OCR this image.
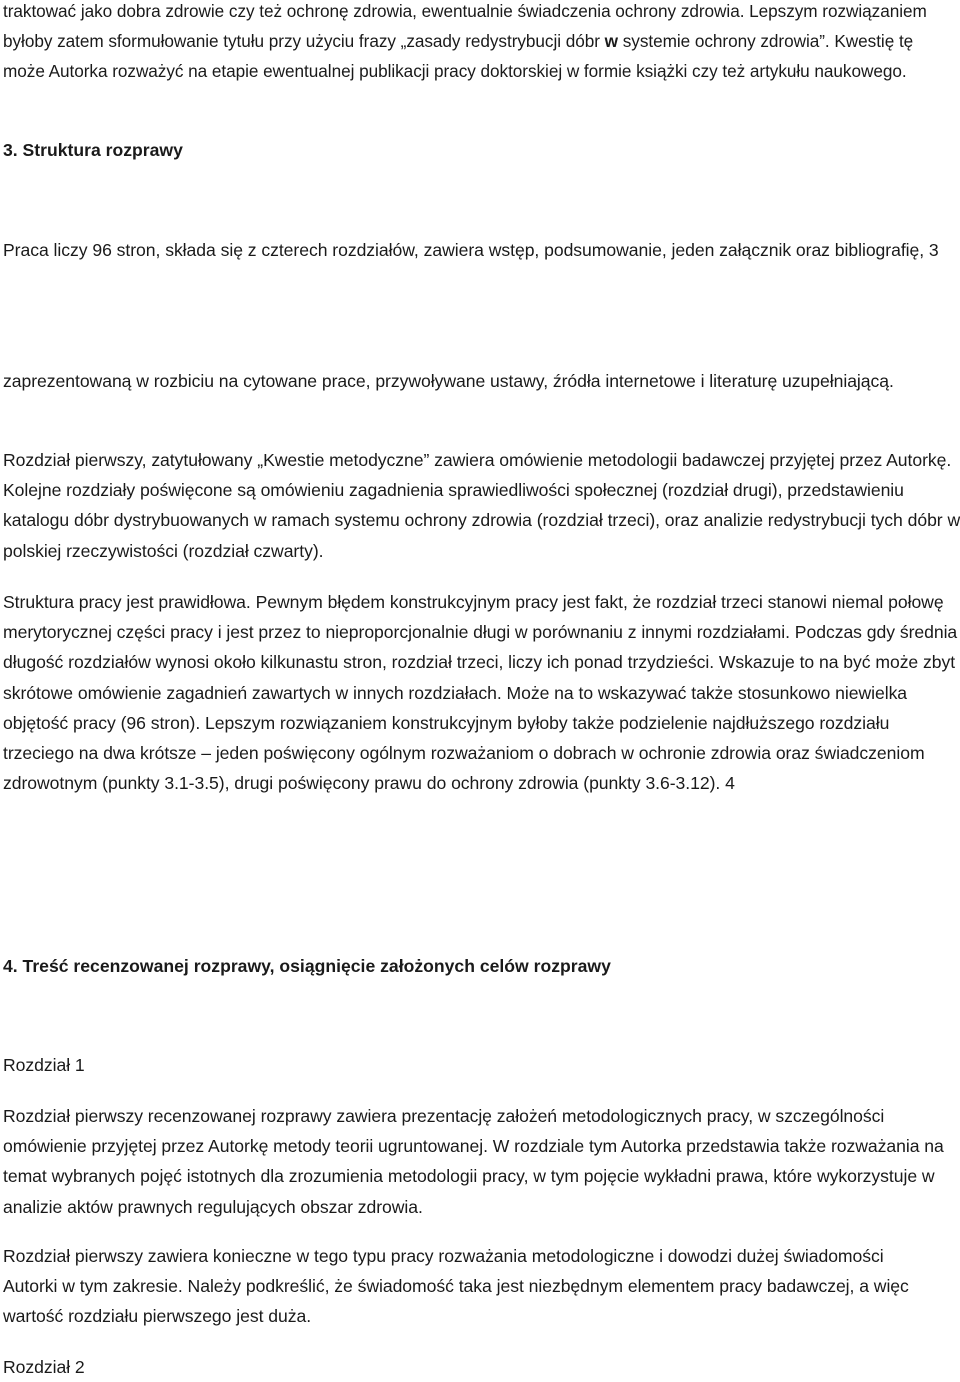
traktować jako dobra zdrowie czy też ochronę zdrowia, ewentualnie świadczenia ochrony zdrowia. Lepszym rozwiązaniem byłoby zatem sformułowanie tytułu przy użyciu frazy „zasady redystrybucji dóbr w systemie ochrony zdrowia”. Kwestię tę może Autorka rozważyć na etapie ewentualnej publikacji pracy doktorskiej w formie książki czy też artykułu naukowego.

3. Struktura rozprawy

Praca liczy 96 stron, składa się z czterech rozdziałów, zawiera wstęp, podsumowanie, jeden załącznik oraz bibliografię, 3

zaprezentowaną w rozbiciu na cytowane prace, przywoływane ustawy, źródła internetowe i literaturę uzupełniającą.

Rozdział pierwszy, zatytułowany „Kwestie metodyczne” zawiera omówienie metodologii badawczej przyjętej przez Autorkę. Kolejne rozdziały poświęcone są omówieniu zagadnienia sprawiedliwości społecznej (rozdział drugi), przedstawieniu katalogu dóbr dystrybuowanych w ramach systemu ochrony zdrowia (rozdział trzeci), oraz analizie redystrybucji tych dóbr w polskiej rzeczywistości (rozdział czwarty).

Struktura pracy jest prawidłowa. Pewnym błędem konstrukcyjnym pracy jest fakt, że rozdział trzeci stanowi niemal połowę merytorycznej części pracy i jest przez to nieproporcjonalnie długi w porównaniu z innymi rozdziałami. Podczas gdy średnia długość rozdziałów wynosi około kilkunastu stron, rozdział trzeci, liczy ich ponad trzydzieści. Wskazuje to na być może zbyt skrótowe omówienie zagadnień zawartych w innych rozdziałach. Może na to wskazywać także stosunkowo niewielka objętość pracy (96 stron). Lepszym rozwiązaniem konstrukcyjnym byłoby także podzielenie najdłuższego rozdziału trzeciego na dwa krótsze – jeden poświęcony ogólnym rozważaniom o dobrach w ochronie zdrowia oraz świadczeniom zdrowotnym (punkty 3.1-3.5), drugi poświęcony prawu do ochrony zdrowia (punkty 3.6-3.12). 4

4. Treść recenzowanej rozprawy, osiągnięcie założonych celów rozprawy

Rozdział 1

Rozdział pierwszy recenzowanej rozprawy zawiera prezentację założeń metodologicznych pracy, w szczególności omówienie przyjętej przez Autorkę metody teorii ugruntowanej. W rozdziale tym Autorka przedstawia także rozważania na temat wybranych pojęć istotnych dla zrozumienia metodologii pracy, w tym pojęcie wykładni prawa, które wykorzystuje w analizie aktów prawnych regulujących obszar zdrowia.

Rozdział pierwszy zawiera konieczne w tego typu pracy rozważania metodologiczne i dowodzi dużej świadomości Autorki w tym zakresie. Należy podkreślić, że świadomość taka jest niezbędnym elementem pracy badawczej, a więc wartość rozdziału pierwszego jest duża.

Rozdział 2
